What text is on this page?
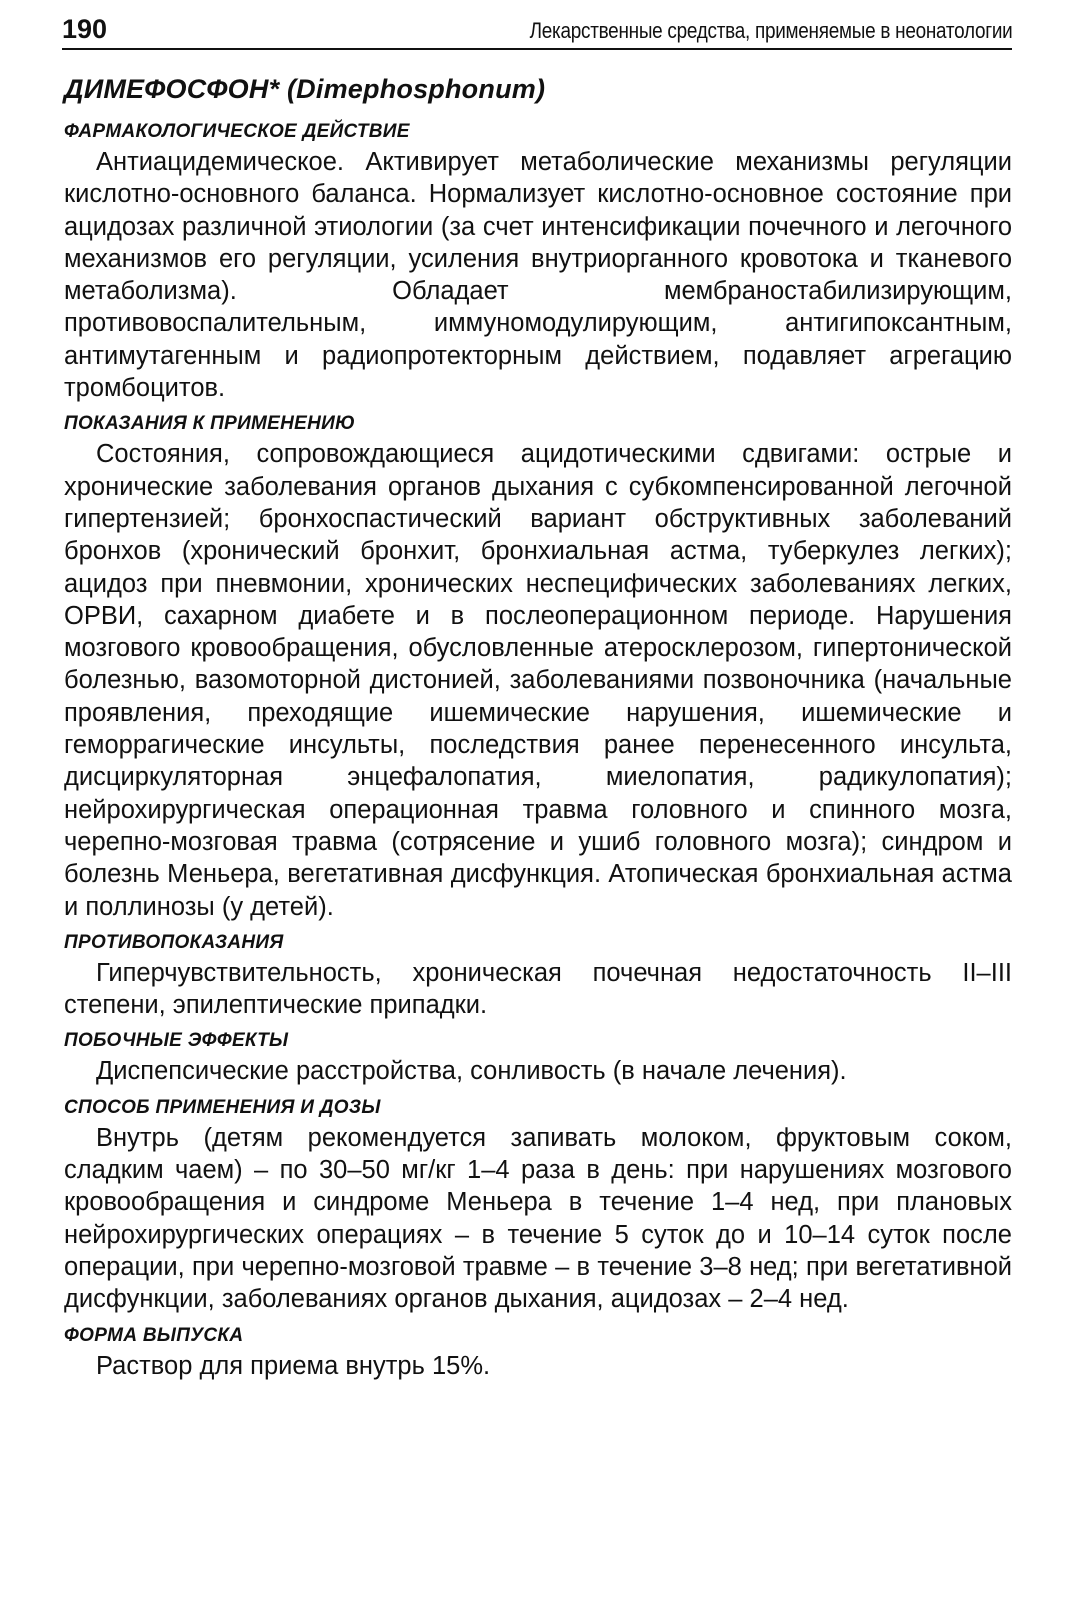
190	Лекарственные средства, применяемые в неонатологии
ДИМЕФОСФОН* (Dimephosphonum)
ФАРМАКОЛОГИЧЕСКОЕ ДЕЙСТВИЕ

Антиацидемическое. Активирует метаболические механизмы регуляции кислотно-основного баланса. Нормализует кислотно-основное состояние при ацидозах различной этиологии (за счет интенсификации почечного и легочного механизмов его регуляции, усиления внутриорганного кровотока и тканевого метаболизма). Обладает мембраностабилизирующим, противовоспалительным, иммуномодулирующим, антигипоксантным, антимутагенным и радиопротекторным действием, подавляет агрегацию тромбоцитов.

ПОКАЗАНИЯ К ПРИМЕНЕНИЮ

Состояния, сопровождающиеся ацидотическими сдвигами: острые и хронические заболевания органов дыхания с субкомпенсированной легочной гипертензией; бронхоспастический вариант обструктивных заболеваний бронхов (хронический бронхит, бронхиальная астма, туберкулез легких); ацидоз при пневмонии, хронических неспецифических заболеваниях легких, ОРВИ, сахарном диабете и в послеоперационном периоде. Нарушения мозгового кровообращения, обусловленные атеросклерозом, гипертонической болезнью, вазомоторной дистонией, заболеваниями позвоночника (начальные проявления, преходящие ишемические нарушения, ишемические и геморрагические инсульты, последствия ранее перенесенного инсульта, дисциркуляторная энцефалопатия, миелопатия, радикулопатия); нейрохирургическая операционная травма головного и спинного мозга, черепно-мозговая травма (сотрясение и ушиб головного мозга); синдром и болезнь Меньера, вегетативная дисфункция. Атопическая бронхиальная астма и поллинозы (у детей).

ПРОТИВОПОКАЗАНИЯ

Гиперчувствительность, хроническая почечная недостаточность II–III степени, эпилептические припадки.

ПОБОЧНЫЕ ЭФФЕКТЫ

Диспепсические расстройства, сонливость (в начале лечения).

СПОСОБ ПРИМЕНЕНИЯ И ДОЗЫ

Внутрь (детям рекомендуется запивать молоком, фруктовым соком, сладким чаем) – по 30–50 мг/кг 1–4 раза в день: при нарушениях мозгового кровообращения и синдроме Меньера в течение 1–4 нед, при плановых нейрохирургических операциях – в течение 5 суток до и 10–14 суток после операции, при черепно-мозговой травме – в течение 3–8 нед; при вегетативной дисфункции, заболеваниях органов дыхания, ацидозах – 2–4 нед.

ФОРМА ВЫПУСКА

Раствор для приема внутрь 15%.
